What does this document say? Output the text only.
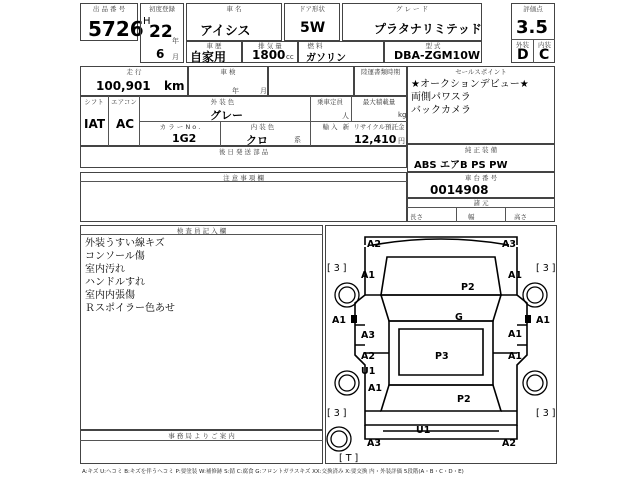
出 品 番 号
5726
初度登録
H
22 年
6 月
車 名
アイシス
ドア形状
5W
グ レ ー ド
プラタナリミテッド
評価点
3.5
外装	内装
D C
車 歴
自家用
排 気 量
1800 cc
燃 料
ガソリン
型 式
DBA-ZGM10W
走 行
100,901 km
車 検
年	月
陸運書類時期
シフト	エアコン
IAT AC
外 装 色
グレー
カ ラ ー N o .	内 装 色
1G2	クロ	系
乗車定員
人
最大積載量
kg
輸 入 新 リサイクル預託金
12,410 円
後 日 発 送 部 品
セールスポイント
★オークションデビュー★
両側パワスラ
バックカメラ
純 正 装 備
ABS エアB PS PW
車 台 番 号
0014908
諸 元
長さ	幅	高さ
注 意 事 項 欄
検 査 員 記 入 欄
外装うすい線キズ
コンソール傷
室内汚れ
ハンドルすれ
室内内張傷
Ｒスポイラー色あせ
事 務 局 よ り ご 案 内
A2	A3
[ 3 ]	[ 3 ]
A1
P2
A1
A1	G	A1
A3	A1
A2
U1
P3	A1
A1
P2
[ 3 ]	[ 3 ]
U1
[ T ]
A3	A2
A:キズ U:ヘコミ B:キズを伴うヘコミ P:要塗装 W:補修跡 S:錆 C:腐食 G:フロントガラスキズ XX:交換済み X:要交換 内・外装評価 5段階(A・B・C・D・E)
